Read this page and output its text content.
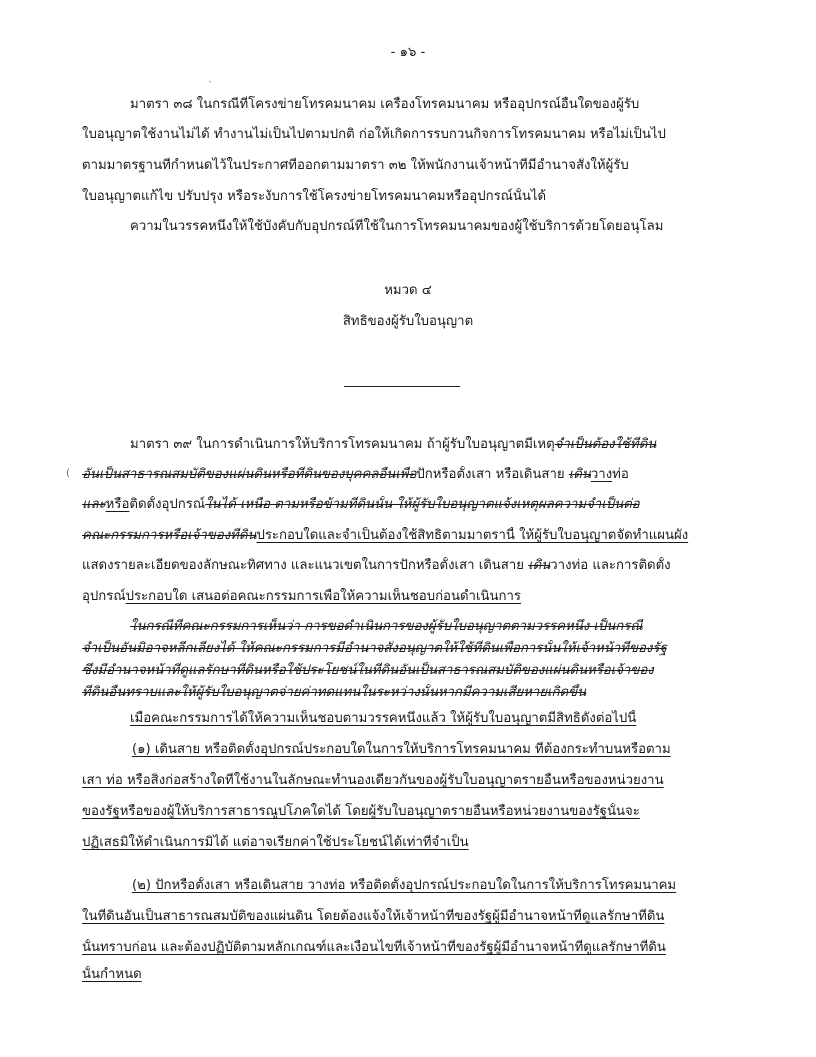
- ๑๖ -
มาตรา ๓๘ ในกรณีที่โครงข่ายโทรคมนาคม เครื่องโทรคมนาคม หรืออุปกรณ์อื่นใดของผู้รับ
ใบอนุญาตใช้งานไม่ได้ ทำงานไม่เป็นไปตามปกติ ก่อให้เกิดการรบกวนกิจการโทรคมนาคม หรือไม่เป็นไป
ตามมาตรฐานที่กำหนดไว้ในประกาศที่ออกตามมาตรา ๓๒ ให้พนักงานเจ้าหน้าที่มีอำนาจสั่งให้ผู้รับ
ใบอนุญาตแก้ไข ปรับปรุง หรือระงับการใช้โครงข่ายโทรคมนาคมหรืออุปกรณ์นั้นได้
ความในวรรคหนึ่งให้ใช้บังคับกับอุปกรณ์ที่ใช้ในการโทรคมนาคมของผู้ใช้บริการด้วยโดยอนุโลม
หมวด ๔
สิทธิของผู้รับใบอนุญาต
ˎ
(
มาตรา ๓๙ ในการดำเนินการให้บริการโทรคมนาคม ถ้าผู้รับใบอนุญาตมีเหตุจำเป็นต้องใช้ที่ดิน
อันเป็นสาธารณสมบัติของแผ่นดินหรือที่ดินของบุคคลอื่นเพื่อปักหรือตั้งเสา หรือเดินสาย เดินวางท่อ
และหรือติดตั้งอุปกรณ์ในได้ เหนือ ตามหรือข้ามที่ดินนั้น ให้ผู้รับใบอนุญาตแจ้งเหตุผลความจำเป็นต่อ
คณะกรรมการหรือเจ้าของที่ดินประกอบใดและจำเป็นต้องใช้สิทธิตามมาตรานี้ ให้ผู้รับใบอนุญาตจัดทำแผนผัง
แสดงรายละเอียดของลักษณะทิศทาง และแนวเขตในการปักหรือตั้งเสา เดินสาย เดินวางท่อ และการติดตั้ง
อุปกรณ์ประกอบใด เสนอต่อคณะกรรมการเพื่อให้ความเห็นชอบก่อนดำเนินการ
ในกรณีที่คณะกรรมการเห็นว่า การขอดำเนินการของผู้รับใบอนุญาตตามวรรคหนึ่ง เป็นกรณี
จำเป็นอันมิอาจหลีกเลี่ยงได้ ให้คณะกรรมการมีอำนาจสั่งอนุญาตให้ใช้ที่ดินเพื่อการนั้นให้เจ้าหน้าที่ของรัฐ
ซึ่งมีอำนาจหน้าที่ดูแลรักษาที่ดินหรือใช้ประโยชน์ในที่ดินอันเป็นสาธารณสมบัติของแผ่นดินหรือเจ้าของ
ที่ดินอื่นทราบและให้ผู้รับใบอนุญาตจ่ายค่าทดแทนในระหว่างนั้นหากมีความเสียหายเกิดขึ้น
เมื่อคณะกรรมการได้ให้ความเห็นชอบตามวรรคหนึ่งแล้ว ให้ผู้รับใบอนุญาตมีสิทธิดังต่อไปนี้
(๑) เดินสาย หรือติดตั้งอุปกรณ์ประกอบใดในการให้บริการโทรคมนาคม ที่ต้องกระทำบนหรือตาม
เสา ท่อ หรือสิ่งก่อสร้างใดที่ใช้งานในลักษณะทำนองเดียวกันของผู้รับใบอนุญาตรายอื่นหรือของหน่วยงาน
ของรัฐหรือของผู้ให้บริการสาธารณูปโภคใดได้ โดยผู้รับใบอนุญาตรายอื่นหรือหน่วยงานของรัฐนั้นจะ
ปฏิเสธมิให้ดำเนินการมิได้ แต่อาจเรียกค่าใช้ประโยชน์ได้เท่าที่จำเป็น
(๒) ปักหรือตั้งเสา หรือเดินสาย วางท่อ หรือติดตั้งอุปกรณ์ประกอบใดในการให้บริการโทรคมนาคม
ในที่ดินอันเป็นสาธารณสมบัติของแผ่นดิน โดยต้องแจ้งให้เจ้าหน้าที่ของรัฐผู้มีอำนาจหน้าที่ดูแลรักษาที่ดิน
นั้นทราบก่อน และต้องปฏิบัติตามหลักเกณฑ์และเงื่อนไขที่เจ้าหน้าที่ของรัฐผู้มีอำนาจหน้าที่ดูแลรักษาที่ดิน
นั้นกำหนด
